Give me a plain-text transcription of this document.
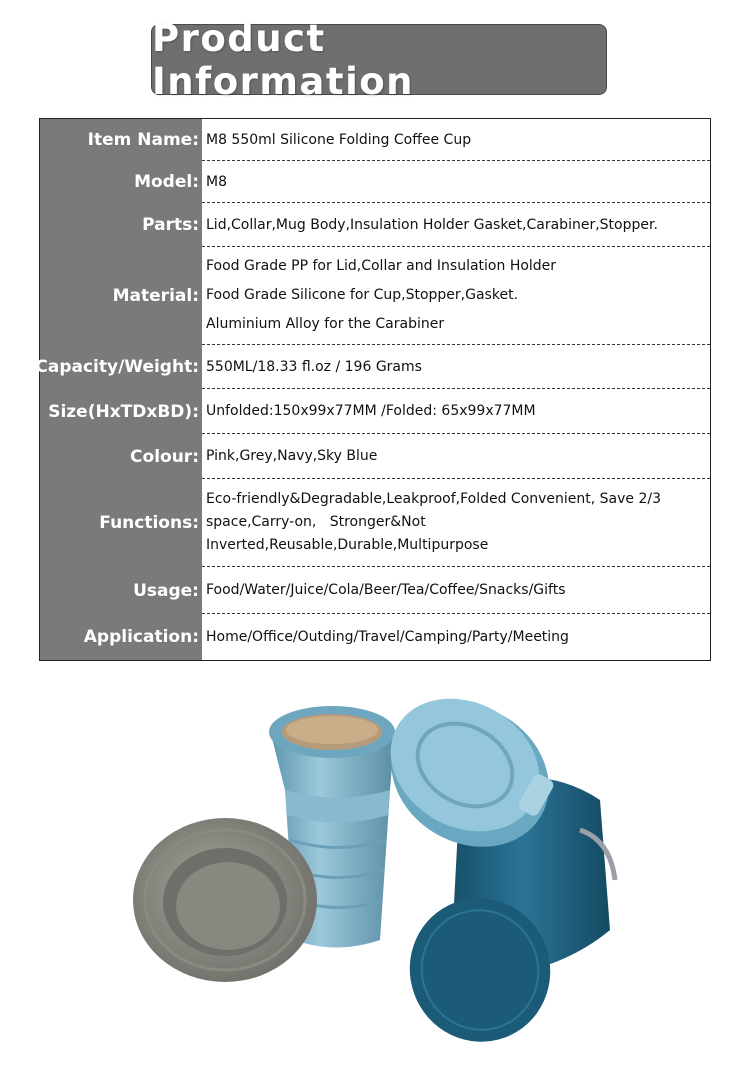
Product Information
Item Name: M8 550ml Silicone Folding Coffee Cup
Model: M8
Parts: Lid,Collar,Mug Body,Insulation Holder Gasket,Carabiner,Stopper.
Material:
Food Grade PP for Lid,Collar and Insulation Holder
Food Grade Silicone for Cup,Stopper,Gasket.
Aluminium Alloy for the Carabiner
Capacity/Weight: 550ML/18.33 fl.oz / 196 Grams
Size(HxTDxBD): Unfolded:150x99x77MM /Folded: 65x99x77MM
Colour: Pink,Grey,Navy,Sky Blue
Functions:
Eco-friendly&Degradable,Leakproof,Folded Convenient, Save 2/3
space,Carry-on,   Stronger&Not
Inverted,Reusable,Durable,Multipurpose
Usage: Food/Water/Juice/Cola/Beer/Tea/Coffee/Snacks/Gifts
Application: Home/Office/Outding/Travel/Camping/Party/Meeting
